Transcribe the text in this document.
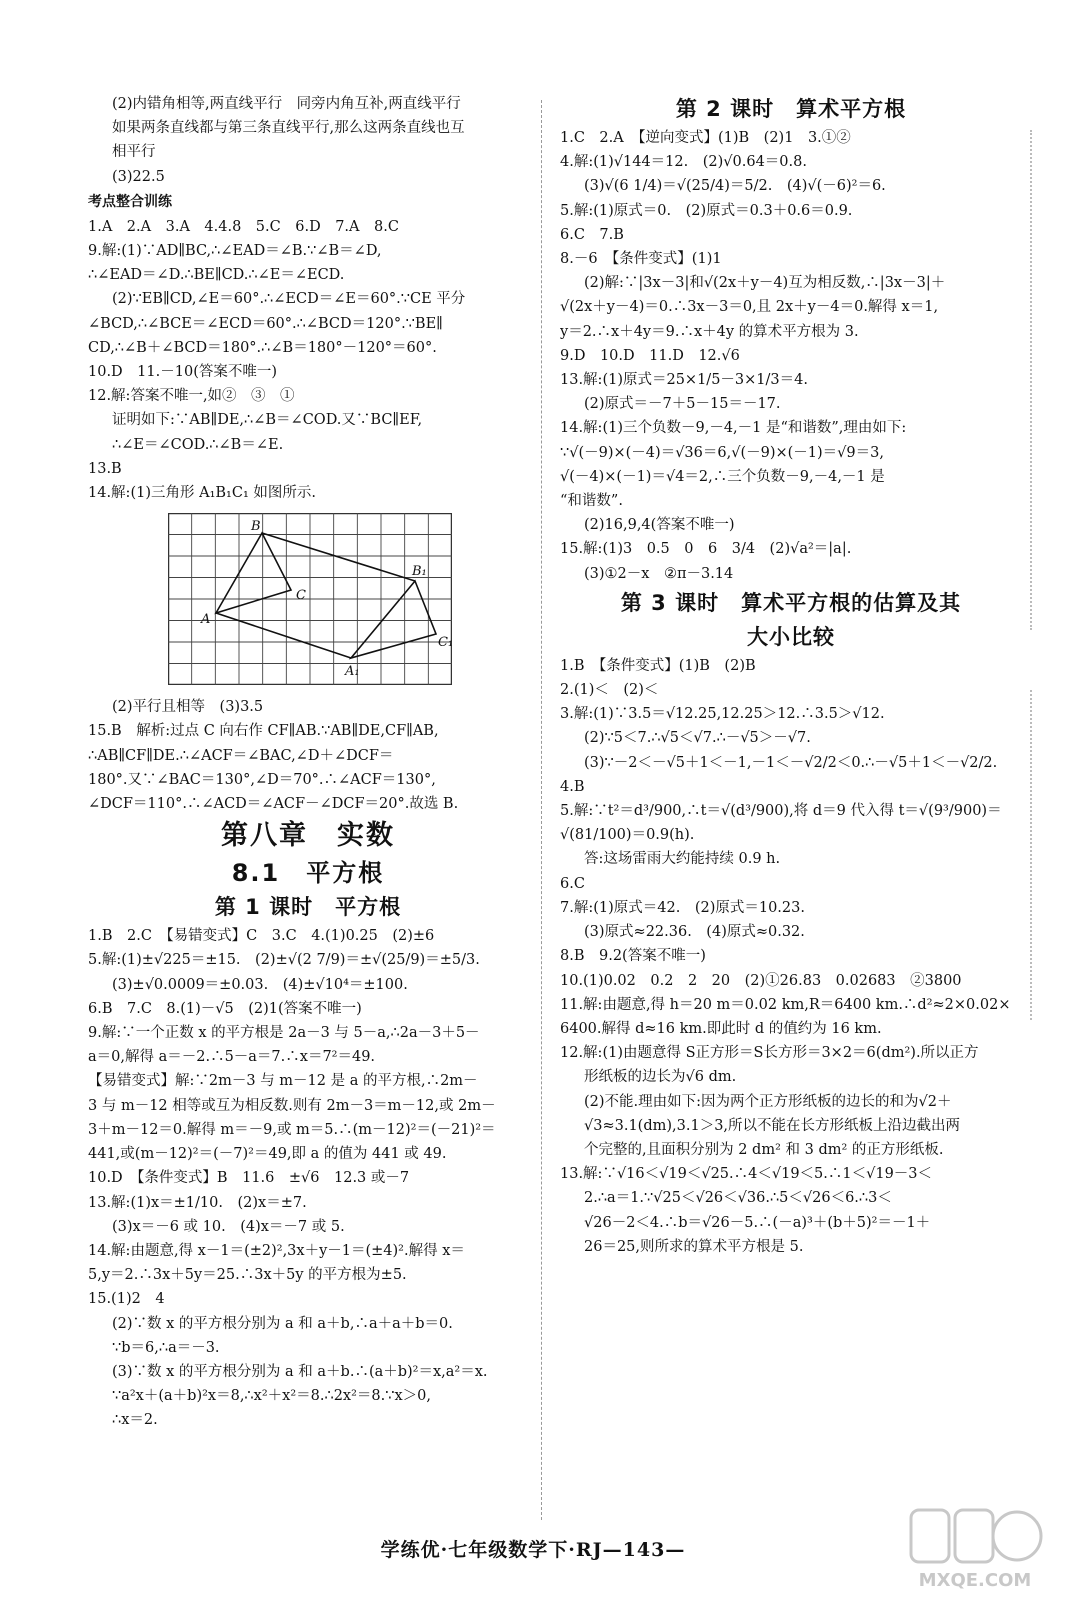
(2)内错角相等,两直线平行　同旁内角互补,两直线平行
如果两条直线都与第三条直线平行,那么这两条直线也互
相平行
(3)22.5
考点整合训练
1.A　2.A　3.A　4.4.8　5.C　6.D　7.A　8.C
9.解:(1)∵AD∥BC,∴∠EAD＝∠B.∵∠B＝∠D,
∴∠EAD＝∠D.∴BE∥CD.∴∠E＝∠ECD.
(2)∵EB∥CD,∠E＝60°.∴∠ECD＝∠E＝60°.∵CE 平分
∠BCD,∴∠BCE＝∠ECD＝60°.∴∠BCD＝120°.∵BE∥
CD,∴∠B＋∠BCD＝180°.∴∠B＝180°－120°＝60°.
10.D　11.－10(答案不唯一)
12.解:答案不唯一,如②　③　①
证明如下:∵AB∥DE,∴∠B＝∠COD.又∵BC∥EF,
∴∠E＝∠COD.∴∠B＝∠E.
13.B
14.解:(1)三角形 A₁B₁C₁ 如图所示.
A
B
C
A₁
B₁
C₁
(2)平行且相等　(3)3.5
15.B　解析:过点 C 向右作 CF∥AB.∵AB∥DE,CF∥AB,
∴AB∥CF∥DE.∴∠ACF＝∠BAC,∠D＋∠DCF＝
180°.又∵∠BAC＝130°,∠D＝70°.∴∠ACF＝130°,
∠DCF＝110°.∴∠ACD＝∠ACF－∠DCF＝20°.故选 B.
第八章　实数
8.1　平方根
第 1 课时　平方根
1.B　2.C　【易错变式】C　3.C　4.(1)0.25　(2)±6
5.解:(1)±√225＝±15.　(2)±√(2 7/9)＝±√(25/9)＝±5/3.
(3)±√0.0009＝±0.03.　(4)±√10⁴＝±100.
6.B　7.C　8.(1)－√5　(2)1(答案不唯一)
9.解:∵一个正数 x 的平方根是 2a－3 与 5－a,∴2a－3＋5－
a＝0,解得 a＝－2.∴5－a＝7.∴x＝7²＝49.
【易错变式】解:∵2m－3 与 m－12 是 a 的平方根,∴2m－
3 与 m－12 相等或互为相反数.则有 2m－3＝m－12,或 2m－
3＋m－12＝0.解得 m＝－9,或 m＝5.∴(m－12)²＝(－21)²＝
441,或(m－12)²＝(－7)²＝49,即 a 的值为 441 或 49.
10.D　【条件变式】B　11.6　±√6　12.3 或－7
13.解:(1)x＝±1/10.　(2)x＝±7.
(3)x＝－6 或 10.　(4)x＝－7 或 5.
14.解:由题意,得 x－1＝(±2)²,3x＋y－1＝(±4)².解得 x＝
5,y＝2.∴3x＋5y＝25.∴3x＋5y 的平方根为±5.
15.(1)2　4
(2)∵数 x 的平方根分别为 a 和 a＋b,∴a＋a＋b＝0.
∵b＝6,∴a＝－3.
(3)∵数 x 的平方根分别为 a 和 a＋b.∴(a＋b)²＝x,a²＝x.
∵a²x＋(a＋b)²x＝8,∴x²＋x²＝8.∴2x²＝8.∵x＞0,
∴x＝2.
第 2 课时　算术平方根
1.C　2.A　【逆向变式】(1)B　(2)1　3.①②
4.解:(1)√144＝12.　(2)√0.64＝0.8.
(3)√(6 1/4)＝√(25/4)＝5/2.　(4)√(－6)²＝6.
5.解:(1)原式＝0.　(2)原式＝0.3＋0.6＝0.9.
6.C　7.B
8.－6　【条件变式】(1)1
(2)解:∵|3x－3|和√(2x＋y－4)互为相反数,∴|3x－3|＋
√(2x＋y－4)＝0.∴3x－3＝0,且 2x＋y－4＝0.解得 x＝1,
y＝2.∴x＋4y＝9.∴x＋4y 的算术平方根为 3.
9.D　10.D　11.D　12.√6
13.解:(1)原式＝25×1/5－3×1/3＝4.
(2)原式＝－7＋5－15＝－17.
14.解:(1)三个负数－9,－4,－1 是“和谐数”,理由如下:
∵√(－9)×(－4)＝√36＝6,√(－9)×(－1)＝√9＝3,
√(－4)×(－1)＝√4＝2,∴三个负数－9,－4,－1 是
“和谐数”.
(2)16,9,4(答案不唯一)
15.解:(1)3　0.5　0　6　3/4　(2)√a²＝|a|.
(3)①2－x　②π－3.14
第 3 课时　算术平方根的估算及其
大小比较
1.B　【条件变式】(1)B　(2)B
2.(1)＜　(2)＜
3.解:(1)∵3.5＝√12.25,12.25＞12.∴3.5＞√12.
(2)∵5＜7.∴√5＜√7.∴－√5＞－√7.
(3)∵－2＜－√5＋1＜－1,－1＜－√2/2＜0.∴－√5＋1＜－√2/2.
4.B
5.解:∵t²＝d³/900,∴t＝√(d³/900),将 d＝9 代入得 t＝√(9³/900)＝
√(81/100)＝0.9(h).
答:这场雷雨大约能持续 0.9 h.
6.C
7.解:(1)原式＝42.　(2)原式＝10.23.
(3)原式≈22.36.　(4)原式≈0.32.
8.B　9.2(答案不唯一)
10.(1)0.02　0.2　2　20　(2)①26.83　0.02683　②3800
11.解:由题意,得 h＝20 m＝0.02 km,R＝6400 km.∴d²≈2×0.02×
6400.解得 d≈16 km.即此时 d 的值约为 16 km.
12.解:(1)由题意得 S正方形＝S长方形＝3×2＝6(dm²).所以正方
形纸板的边长为√6 dm.
(2)不能.理由如下:因为两个正方形纸板的边长的和为√2＋
√3≈3.1(dm),3.1＞3,所以不能在长方形纸板上沿边截出两
个完整的,且面积分别为 2 dm² 和 3 dm² 的正方形纸板.
13.解:∵√16＜√19＜√25.∴4＜√19＜5.∴1＜√19－3＜
2.∴a＝1.∵√25＜√26＜√36.∴5＜√26＜6.∴3＜
√26－2＜4.∴b＝√26－5.∴(－a)³＋(b＋5)²＝－1＋
26＝25,则所求的算术平方根是 5.
学练优·七年级数学下·RJ—143—
MXQE.COM
